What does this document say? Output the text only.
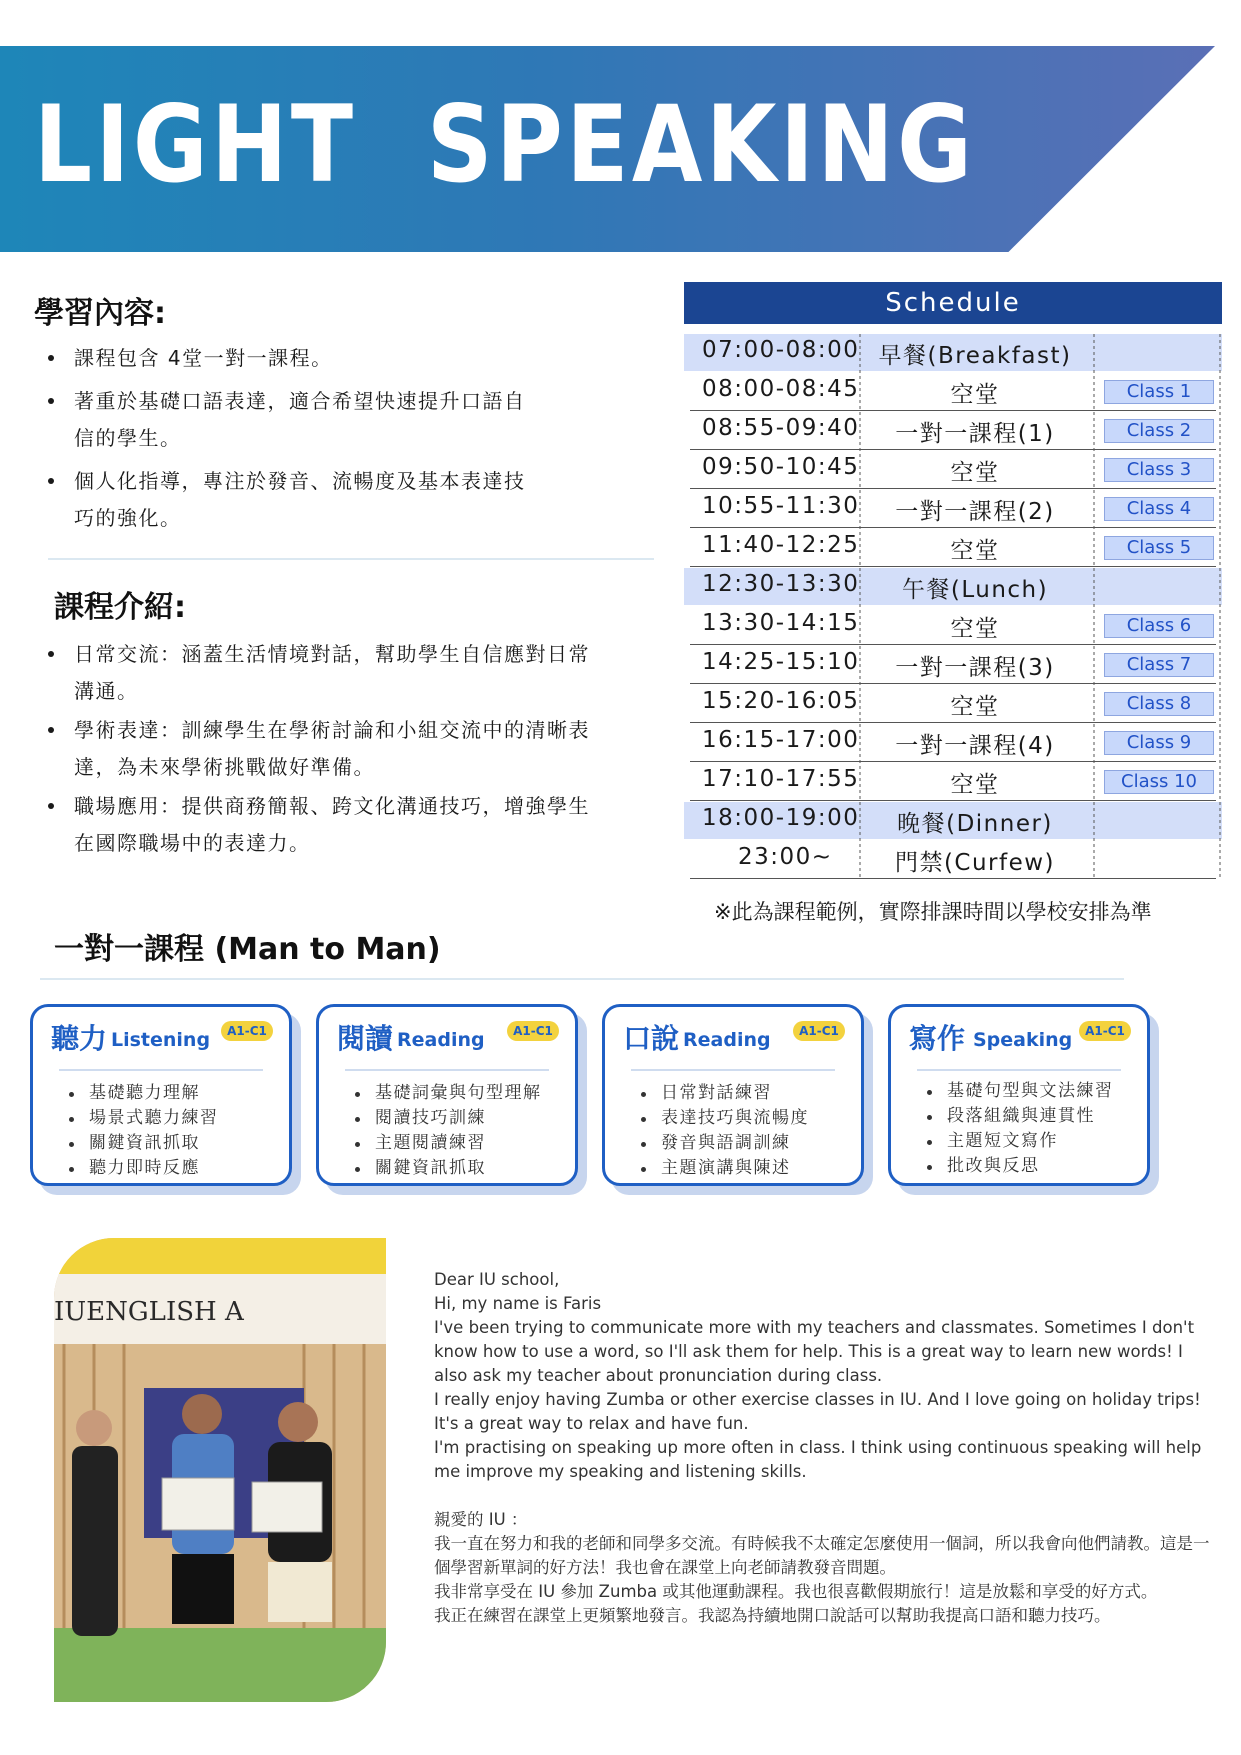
LIGHT  SPEAKING
學習內容:
課程包含 4堂一對一課程。
著重於基礎口語表達，適合希望快速提升口語自
信的學生。
個人化指導，專注於發音、流暢度及基本表達技
巧的強化。
課程介紹:
日常交流：涵蓋生活情境對話，幫助學生自信應對日常
溝通。
學術表達：訓練學生在學術討論和小組交流中的清晰表
達，為未來學術挑戰做好準備。
職場應用：提供商務簡報、跨文化溝通技巧，增強學生
在國際職場中的表達力。
Schedule
07:00-08:00 早餐(Breakfast)
08:00-08:45	空堂	Class 1
08:55-09:40	一對一課程(1)	Class 2
09:50-10:45	空堂	Class 3
10:55-11:30	一對一課程(2)	Class 4
11:40-12:25	空堂	Class 5
12:30-13:30	午餐(Lunch)
13:30-14:15	空堂	Class 6
14:25-15:10	一對一課程(3)	Class 7
15:20-16:05	空堂	Class 8
16:15-17:00	一對一課程(4)	Class 9
17:10-17:55	空堂	Class 10
18:00-19:00	晚餐(Dinner)
23:00~	門禁(Curfew)
※此為課程範例，實際排課時間以學校安排為準
一對一課程 (Man to Man)
聽力 Listening	A1-C1
基礎聽力理解
場景式聽力練習
關鍵資訊抓取
聽力即時反應
閱讀 Reading	A1-C1
基礎詞彙與句型理解
閱讀技巧訓練
主題閱讀練習
關鍵資訊抓取
口說 Reading	A1-C1
日常對話練習
表達技巧與流暢度
發音與語調訓練
主題演講與陳述
寫作 Speaking	A1-C1
基礎句型與文法練習
段落組織與連貫性
主題短文寫作
批改與反思
IUENGLISH A

Dear IU school,

Hi, my name is Faris

I've been trying to communicate more with my teachers and classmates. Sometimes I don't know how to use a word, so I'll ask them for help. This is a great way to learn new words! I also ask my teacher about pronunciation during class.

I really enjoy having Zumba or other exercise classes in IU. And I love going on holiday trips! It's a great way to relax and have fun.

I'm practising on speaking up more often in class. I think using continuous speaking will help me improve my speaking and listening skills.

親愛的 IU ：

我一直在努力和我的老師和同學多交流。有時候我不太確定怎麼使用一個詞，所以我會向他們請教。這是一個學習新單詞的好方法！我也會在課堂上向老師請教發音問題。

我非常享受在 IU 參加 Zumba 或其他運動課程。我也很喜歡假期旅行！這是放鬆和享受的好方式。

我正在練習在課堂上更頻繁地發言。我認為持續地開口說話可以幫助我提高口語和聽力技巧。
